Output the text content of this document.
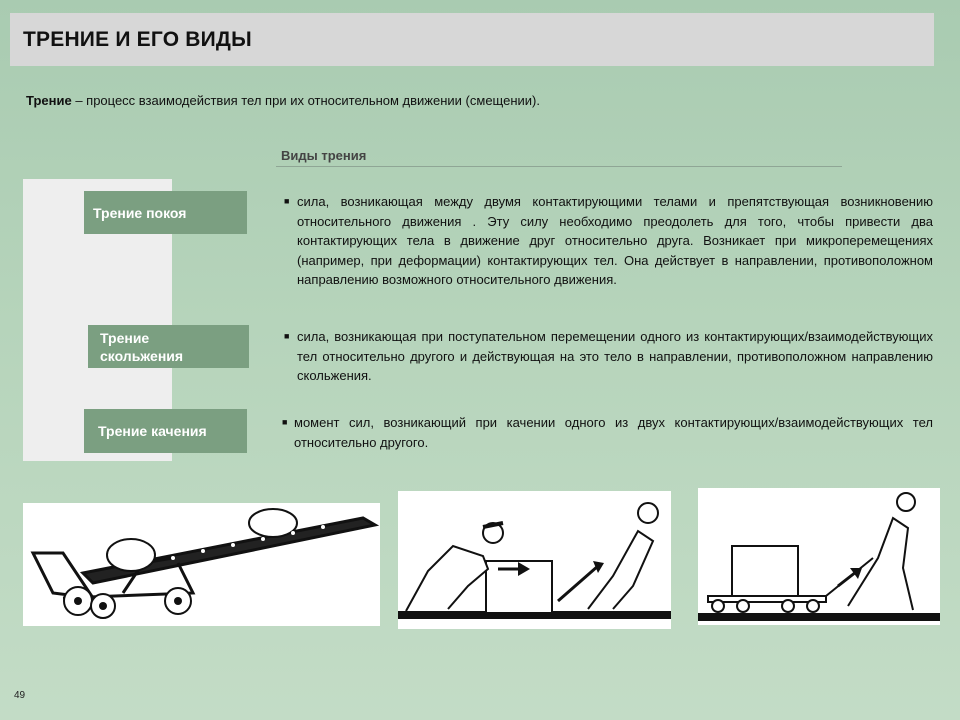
ТРЕНИЕ И ЕГО ВИДЫ
Трение – процесс взаимодействия тел при их относительном движении (смещении).
Виды трения
Трение покоя
■ сила, возникающая между двумя контактирующими телами и препятствующая возникновению относительного движения . Эту силу необходимо преодолеть для того, чтобы привести два контактирующих тела в движение друг относительно друга. Возникает при микроперемещениях (например, при деформации) контактирующих тел. Она действует в направлении, противоположном направлению возможного относительного движения.
Трение скольжения
■ сила, возникающая при поступательном перемещении одного из контактирующих/взаимодействующих тел относительно другого и действующая на это тело в направлении, противоположном направлению скольжения.
Трение качения
■ момент сил, возникающий при качении одного из двух контактирующих/взаимодействующих тел относительно другого.
49
